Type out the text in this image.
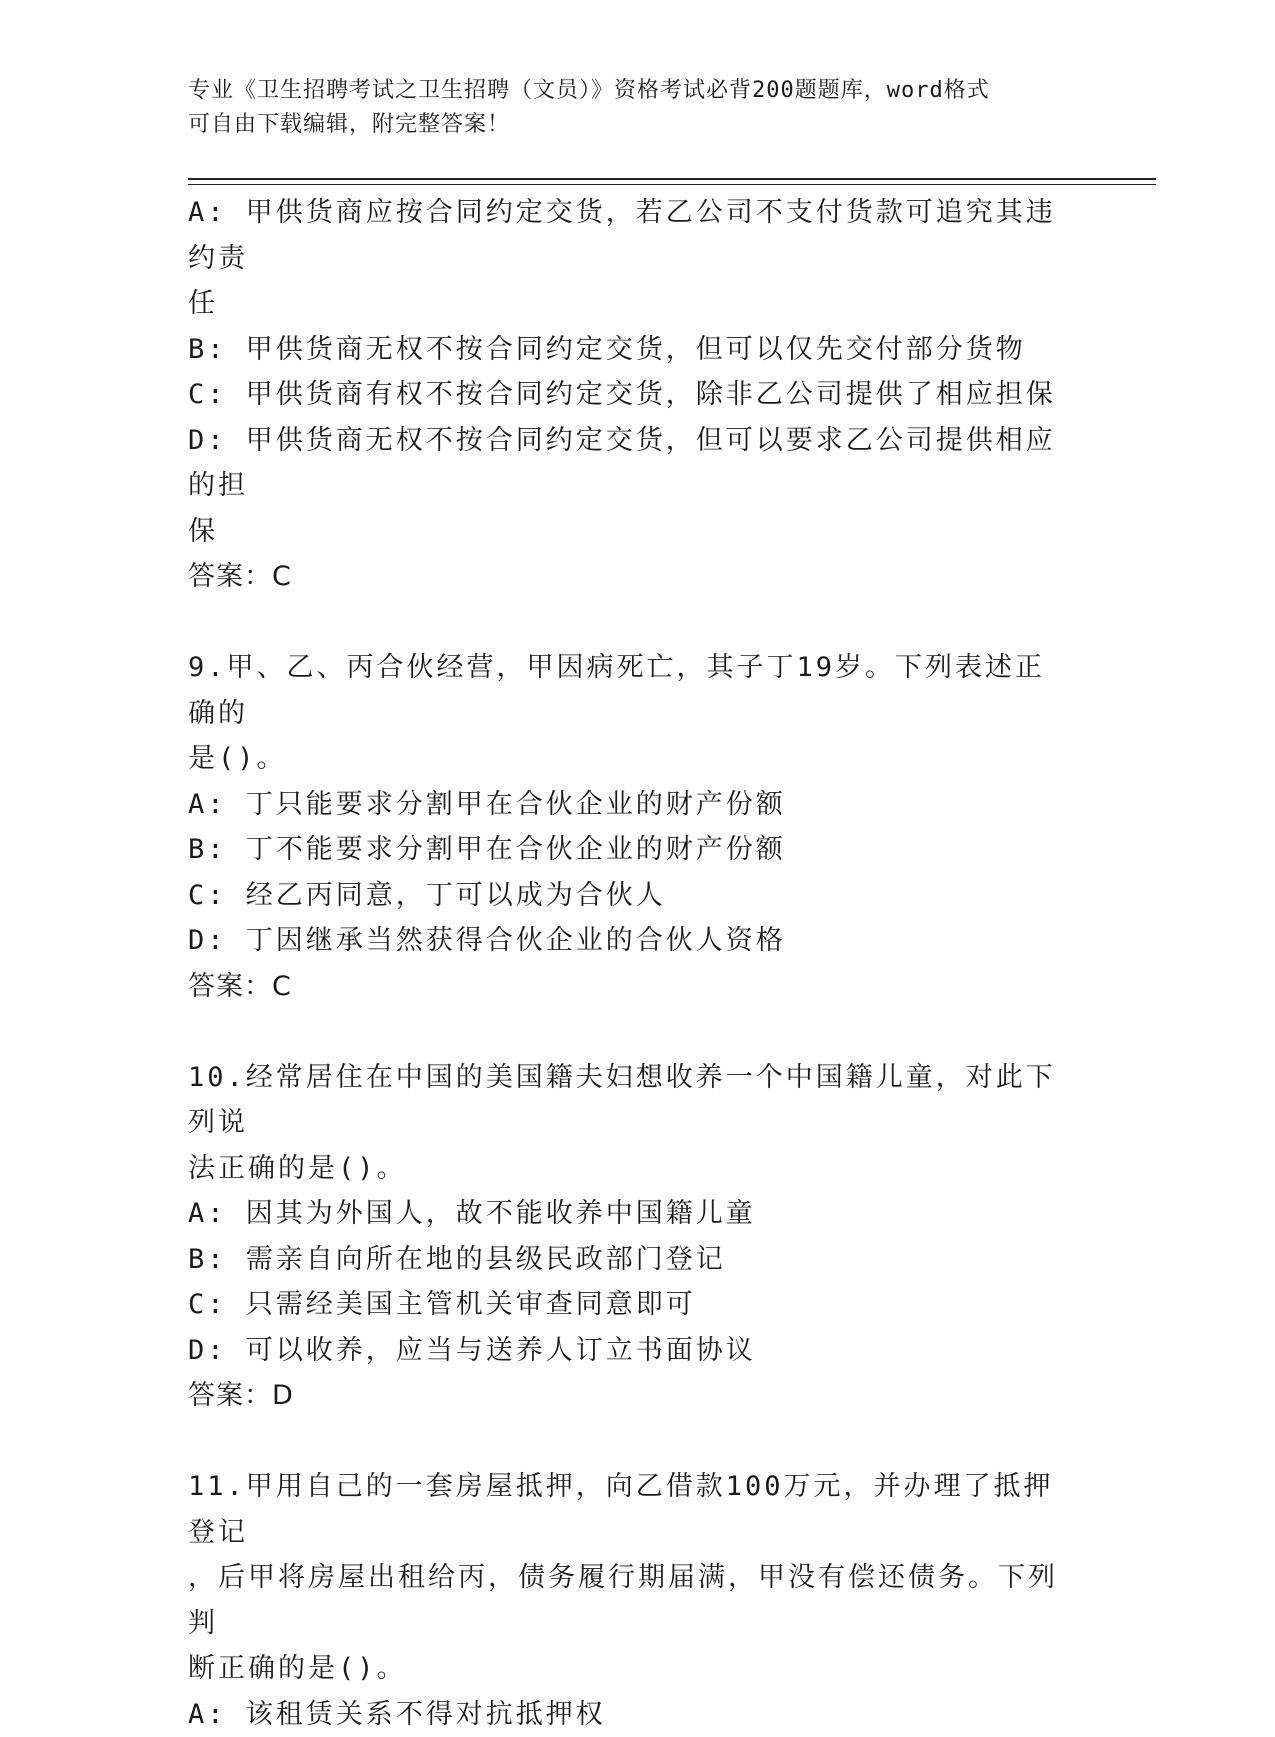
专业《卫生招聘考试之卫生招聘（文员）》资格考试必背200题题库，word格式
可自由下载编辑，附完整答案！
A: 甲供货商应按合同约定交货，若乙公司不支付货款可追究其违约责
任
B: 甲供货商无权不按合同约定交货，但可以仅先交付部分货物
C: 甲供货商有权不按合同约定交货，除非乙公司提供了相应担保
D: 甲供货商无权不按合同约定交货，但可以要求乙公司提供相应的担
保
答案：C
9.甲、乙、丙合伙经营，甲因病死亡，其子丁19岁。下列表述正确的
是()。
A: 丁只能要求分割甲在合伙企业的财产份额
B: 丁不能要求分割甲在合伙企业的财产份额
C: 经乙丙同意，丁可以成为合伙人
D: 丁因继承当然获得合伙企业的合伙人资格
答案：C
10.经常居住在中国的美国籍夫妇想收养一个中国籍儿童，对此下列说
法正确的是()。
A: 因其为外国人，故不能收养中国籍儿童
B: 需亲自向所在地的县级民政部门登记
C: 只需经美国主管机关审查同意即可
D: 可以收养，应当与送养人订立书面协议
答案：D
11.甲用自己的一套房屋抵押，向乙借款100万元，并办理了抵押登记
，后甲将房屋出租给丙，债务履行期届满，甲没有偿还债务。下列判
断正确的是()。
A: 该租赁关系不得对抗抵押权
